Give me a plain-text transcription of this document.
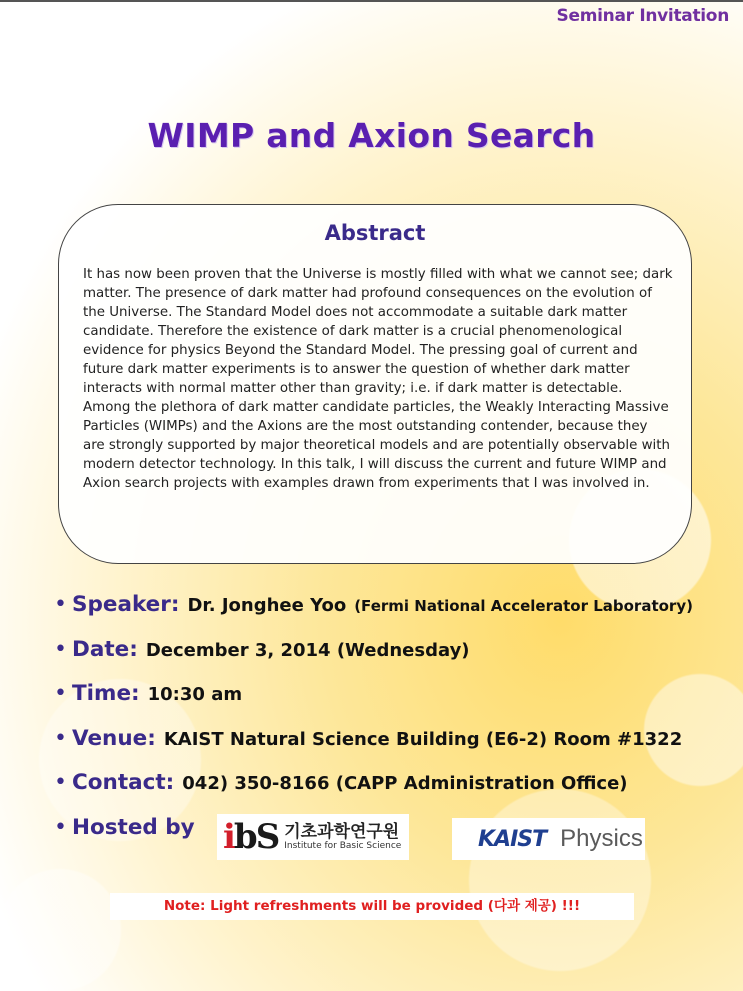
Seminar Invitation
WIMP and Axion Search
Abstract

It has now been proven that the Universe is mostly filled with what we cannot see; dark matter. The presence of dark matter had profound consequences on the evolution of the Universe. The Standard Model does not accommodate a suitable dark matter candidate. Therefore the existence of dark matter is a crucial phenomenological evidence for physics Beyond the Standard Model. The pressing goal of current and future dark matter experiments is to answer the question of whether dark matter interacts with normal matter other than gravity; i.e. if dark matter is detectable. Among the plethora of dark matter candidate particles, the Weakly Interacting Massive Particles (WIMPs) and the Axions are the most outstanding contender, because they are strongly supported by major theoretical models and are potentially observable with modern detector technology. In this talk, I will discuss the current and future WIMP and Axion search projects with examples drawn from experiments that I was involved in.

• Speaker: Dr. Jonghee Yoo (Fermi National Accelerator Laboratory)
• Date: December 3, 2014 (Wednesday)
• Time: 10:30 am
• Venue: KAIST Natural Science Building (E6-2) Room #1322
• Contact: 042) 350-8166 (CAPP Administration Office)
• Hosted by ibS 기초과학연구원
Institute for Basic Science	KAIST Physics
Note: Light refreshments will be provided (다과 제공) !!!
